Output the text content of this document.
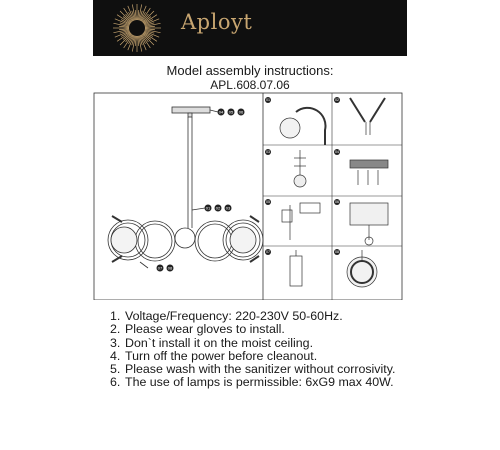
Aployt
Model assembly instructions:
APL.608.07.06
04 05 06
01 02 03
07 08
01	02
03	04
05	06
07	08
1. Voltage/Frequency: 220-230V 50-60Hz.
2. Please wear gloves to install.
3. Don`t install it on the moist ceiling.
4. Turn off the power before cleanout.
5. Please wash with the sanitizer without corrosivity.
6. The use of lamps is permissible: 6xG9 max 40W.
